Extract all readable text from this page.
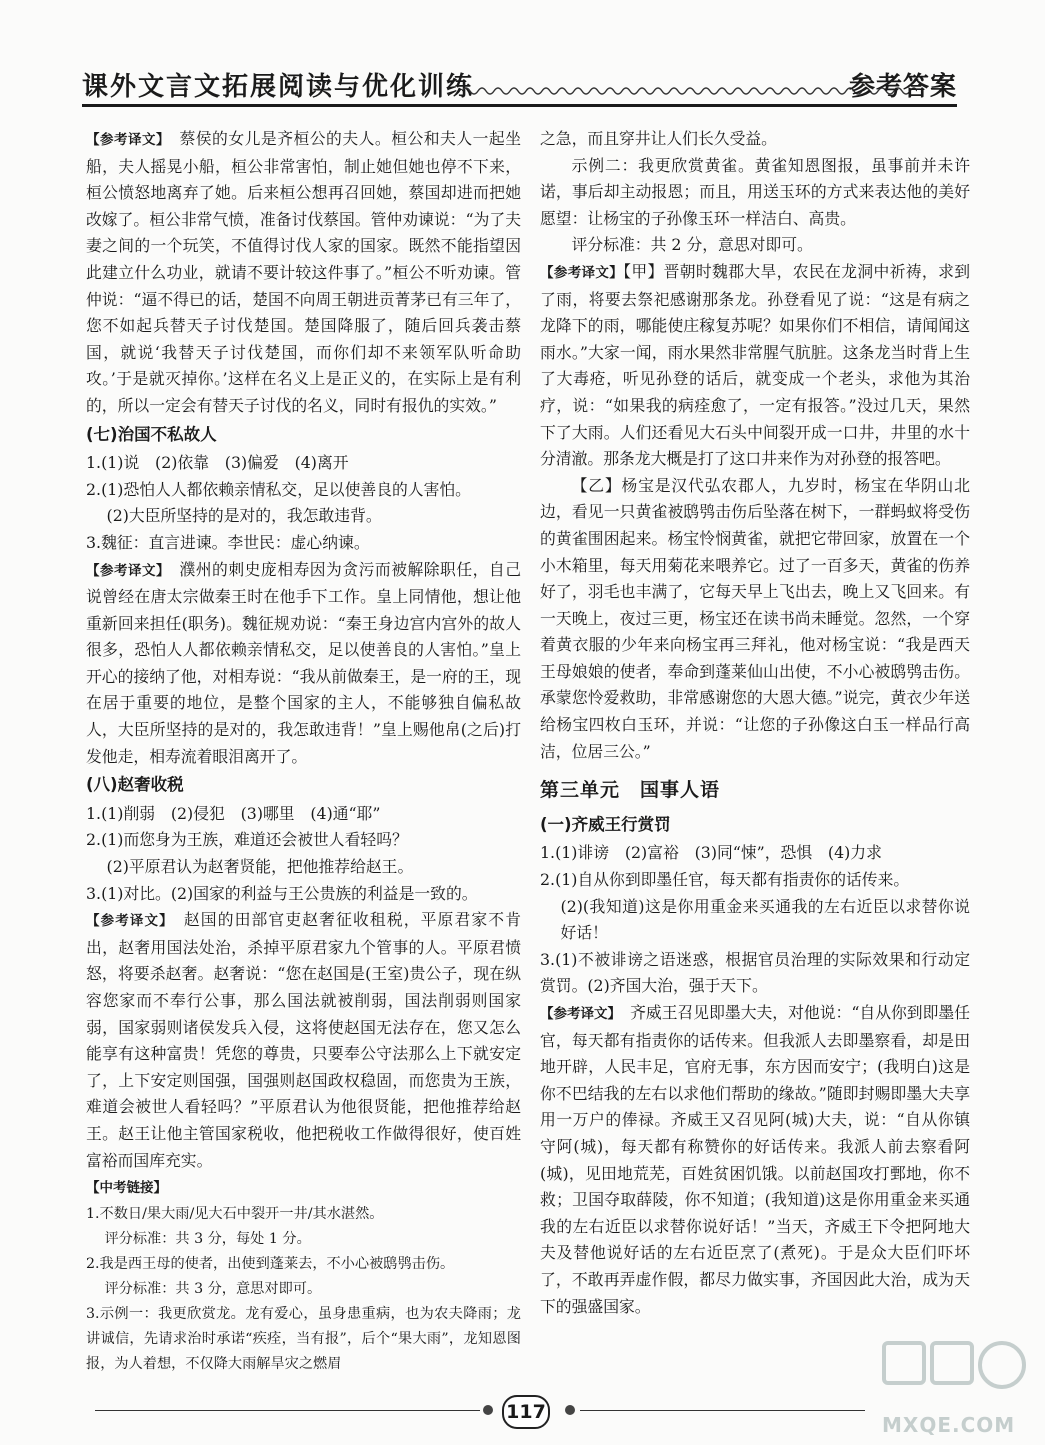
课外文言文拓展阅读与优化训练	参考答案

【参考译文】　 蔡侯的女儿是齐桓公的夫人。桓公和夫人一起坐船，夫人摇晃小船，桓公非常害怕，制止她但她也停不下来，桓公愤怒地离弃了她。后来桓公想再召回她，蔡国却进而把她改嫁了。桓公非常气愤，准备讨伐蔡国。管仲劝谏说：“为了夫妻之间的一个玩笑，不值得讨伐人家的国家。既然不能指望因此建立什么功业，就请不要计较这件事了。”桓公不听劝谏。管仲说：“逼不得已的话，楚国不向周王朝进贡菁茅已有三年了，您不如起兵替天子讨伐楚国。楚国降服了，随后回兵袭击蔡国，就说‘我替天子讨伐楚国，而你们却不来领军队听命助攻。’于是就灭掉你。’这样在名义上是正义的，在实际上是有利的，所以一定会有替天子讨伐的名义，同时有报仇的实效。”

(七)治国不私故人

1.(1)说　(2)依靠　(3)偏爱　(4)离开

2.(1)恐怕人人都依赖亲情私交，足以使善良的人害怕。

(2)大臣所坚持的是对的，我怎敢违背。

3.魏征：直言进谏。李世民：虚心纳谏。

【参考译文】　 濮州的刺史庞相寿因为贪污而被解除职任，自己说曾经在唐太宗做秦王时在他手下工作。皇上同情他，想让他重新回来担任(职务)。魏征规劝说：“秦王身边宫内宫外的故人很多，恐怕人人都依赖亲情私交，足以使善良的人害怕。”皇上开心的接纳了他，对相寿说：“我从前做秦王，是一府的王，现在居于重要的地位，是整个国家的主人，不能够独自偏私故人，大臣所坚持的是对的，我怎敢违背！”皇上赐他帛(之后)打发他走，相寿流着眼泪离开了。

(八)赵奢收税

1.(1)削弱　(2)侵犯　(3)哪里　(4)通“耶”

2.(1)而您身为王族，难道还会被世人看轻吗？

(2)平原君认为赵奢贤能，把他推荐给赵王。

3.(1)对比。(2)国家的利益与王公贵族的利益是一致的。

【参考译文】　 赵国的田部官吏赵奢征收租税，平原君家不肯出，赵奢用国法处治，杀掉平原君家九个管事的人。平原君愤怒，将要杀赵奢。赵奢说：“您在赵国是(王室)贵公子，现在纵容您家而不奉行公事，那么国法就被削弱，国法削弱则国家弱，国家弱则诸侯发兵入侵，这将使赵国无法存在，您又怎么能享有这种富贵！凭您的尊贵，只要奉公守法那么上下就安定了，上下安定则国强，国强则赵国政权稳固，而您贵为王族，难道会被世人看轻吗？”平原君认为他很贤能，把他推荐给赵王。赵王让他主管国家税收，他把税收工作做得很好，使百姓富裕而国库充实。

【中考链接】

1.不数日/果大雨/见大石中裂开一井/其水湛然。

评分标准：共 3 分，每处 1 分。

2.我是西王母的使者，出使到蓬莱去，不小心被鸱鸮击伤。

评分标准：共 3 分，意思对即可。

3.示例一：我更欣赏龙。龙有爱心，虽身患重病，也为农夫降雨；龙讲诚信，先请求治时承诺“疾痊，当有报”，后个“果大雨”，龙知恩图报，为人着想，不仅降大雨解旱灾之燃眉

之急，而且穿井让人们长久受益。

示例二：我更欣赏黄雀。黄雀知恩图报，虽事前并未许诺，事后却主动报恩；而且，用送玉环的方式来表达他的美好愿望：让杨宝的子孙像玉环一样洁白、高贵。

评分标准：共 2 分，意思对即可。

【参考译文】【甲】晋朝时魏郡大旱，农民在龙洞中祈祷，求到了雨，将要去祭祀感谢那条龙。孙登看见了说：“这是有病之龙降下的雨，哪能使庄稼复苏呢？如果你们不相信，请闻闻这雨水。”大家一闻，雨水果然非常腥气肮脏。这条龙当时背上生了大毒疮，听见孙登的话后，就变成一个老头，求他为其治疗，说：“如果我的病痊愈了，一定有报答。”没过几天，果然下了大雨。人们还看见大石头中间裂开成一口井，井里的水十分清澈。那条龙大概是打了这口井来作为对孙登的报答吧。

【乙】杨宝是汉代弘农郡人，九岁时，杨宝在华阴山北边，看见一只黄雀被鸱鸮击伤后坠落在树下，一群蚂蚁将受伤的黄雀围困起来。杨宝怜悯黄雀，就把它带回家，放置在一个小木箱里，每天用菊花来喂养它。过了一百多天，黄雀的伤养好了，羽毛也丰满了，它每天早上飞出去，晚上又飞回来。有一天晚上，夜过三更，杨宝还在读书尚未睡觉。忽然，一个穿着黄衣服的少年来向杨宝再三拜礼，他对杨宝说：“我是西天王母娘娘的使者，奉命到蓬莱仙山出使，不小心被鸱鸮击伤。承蒙您怜爱救助，非常感谢您的大恩大德。”说完，黄衣少年送给杨宝四枚白玉环，并说：“让您的子孙像这白玉一样品行高洁，位居三公。”

第三单元　国事人语

(一)齐威王行赏罚

1.(1)诽谤　(2)富裕　(3)同“悚”，恐惧　(4)力求

2.(1)自从你到即墨任官，每天都有指责你的话传来。

(2)(我知道)这是你用重金来买通我的左右近臣以求替你说好话！

3.(1)不被诽谤之语迷惑，根据官员治理的实际效果和行动定赏罚。(2)齐国大治，强于天下。

【参考译文】　 齐威王召见即墨大夫，对他说：“自从你到即墨任官，每天都有指责你的话传来。但我派人去即墨察看，却是田地开辟，人民丰足，官府无事，东方因而安宁；(我明白)这是你不巴结我的左右以求他们帮助的缘故。”随即封赐即墨大夫享用一万户的俸禄。齐威王又召见阿(城)大夫，说：“自从你镇守阿(城)，每天都有称赞你的好话传来。我派人前去察看阿(城)，见田地荒芜，百姓贫困饥饿。以前赵国攻打鄄地，你不救；卫国夺取薛陵，你不知道；(我知道)这是你用重金来买通我的左右近臣以求替你说好话！”当天，齐威王下令把阿地大夫及替他说好话的左右近臣烹了(煮死)。于是众大臣们吓坏了，不敢再弄虚作假，都尽力做实事，齐国因此大治，成为天下的强盛国家。

117
MXQE.COM
